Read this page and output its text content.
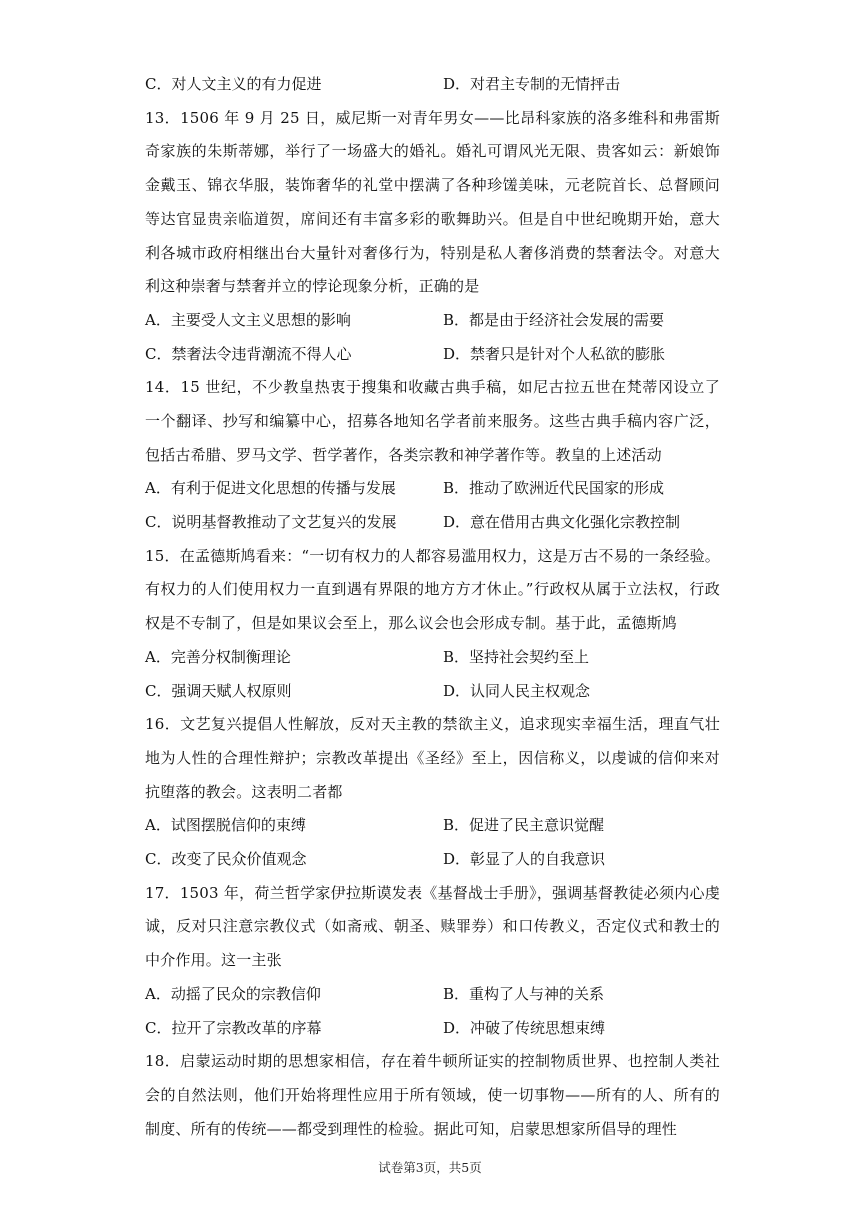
C．对人文主义的有力促进	D．对君主专制的无情抨击
13．1506 年 9 月 25 日，威尼斯一对青年男女——比昂科家族的洛多维科和弗雷斯奇家族的朱斯蒂娜，举行了一场盛大的婚礼。婚礼可谓风光无限、贵客如云：新娘饰金戴玉、锦衣华服，装饰奢华的礼堂中摆满了各种珍馐美味，元老院首长、总督顾问等达官显贵亲临道贺，席间还有丰富多彩的歌舞助兴。但是自中世纪晚期开始，意大利各城市政府相继出台大量针对奢侈行为，特别是私人奢侈消费的禁奢法令。对意大利这种崇奢与禁奢并立的悖论现象分析，正确的是
A．主要受人文主义思想的影响	B．都是由于经济社会发展的需要
C．禁奢法令违背潮流不得人心	D．禁奢只是针对个人私欲的膨胀
14．15 世纪，不少教皇热衷于搜集和收藏古典手稿，如尼古拉五世在梵蒂冈设立了一个翻译、抄写和编纂中心，招募各地知名学者前来服务。这些古典手稿内容广泛，包括古希腊、罗马文学、哲学著作，各类宗教和神学著作等。教皇的上述活动
A．有利于促进文化思想的传播与发展	B．推动了欧洲近代民国家的形成
C．说明基督教推动了文艺复兴的发展	D．意在借用古典文化强化宗教控制
15．在孟德斯鸠看来：“一切有权力的人都容易滥用权力，这是万古不易的一条经验。有权力的人们使用权力一直到遇有界限的地方方才休止。”行政权从属于立法权，行政权是不专制了，但是如果议会至上，那么议会也会形成专制。基于此，孟德斯鸠
A．完善分权制衡理论	B．坚持社会契约至上
C．强调天赋人权原则	D．认同人民主权观念
16．文艺复兴提倡人性解放，反对天主教的禁欲主义，追求现实幸福生活，理直气壮地为人性的合理性辩护；宗教改革提出《圣经》至上，因信称义，以虔诚的信仰来对抗堕落的教会。这表明二者都
A．试图摆脱信仰的束缚	B．促进了民主意识觉醒
C．改变了民众价值观念	D．彰显了人的自我意识
17．1503 年，荷兰哲学家伊拉斯谟发表《基督战士手册》，强调基督教徒必须内心虔诚，反对只注意宗教仪式（如斋戒、朝圣、赎罪券）和口传教义，否定仪式和教士的中介作用。这一主张
A．动摇了民众的宗教信仰	B．重构了人与神的关系
C．拉开了宗教改革的序幕	D．冲破了传统思想束缚
18．启蒙运动时期的思想家相信，存在着牛顿所证实的控制物质世界、也控制人类社会的自然法则，他们开始将理性应用于所有领域，使一切事物——所有的人、所有的制度、所有的传统——都受到理性的检验。据此可知，启蒙思想家所倡导的理性
试卷第3页，共5页
